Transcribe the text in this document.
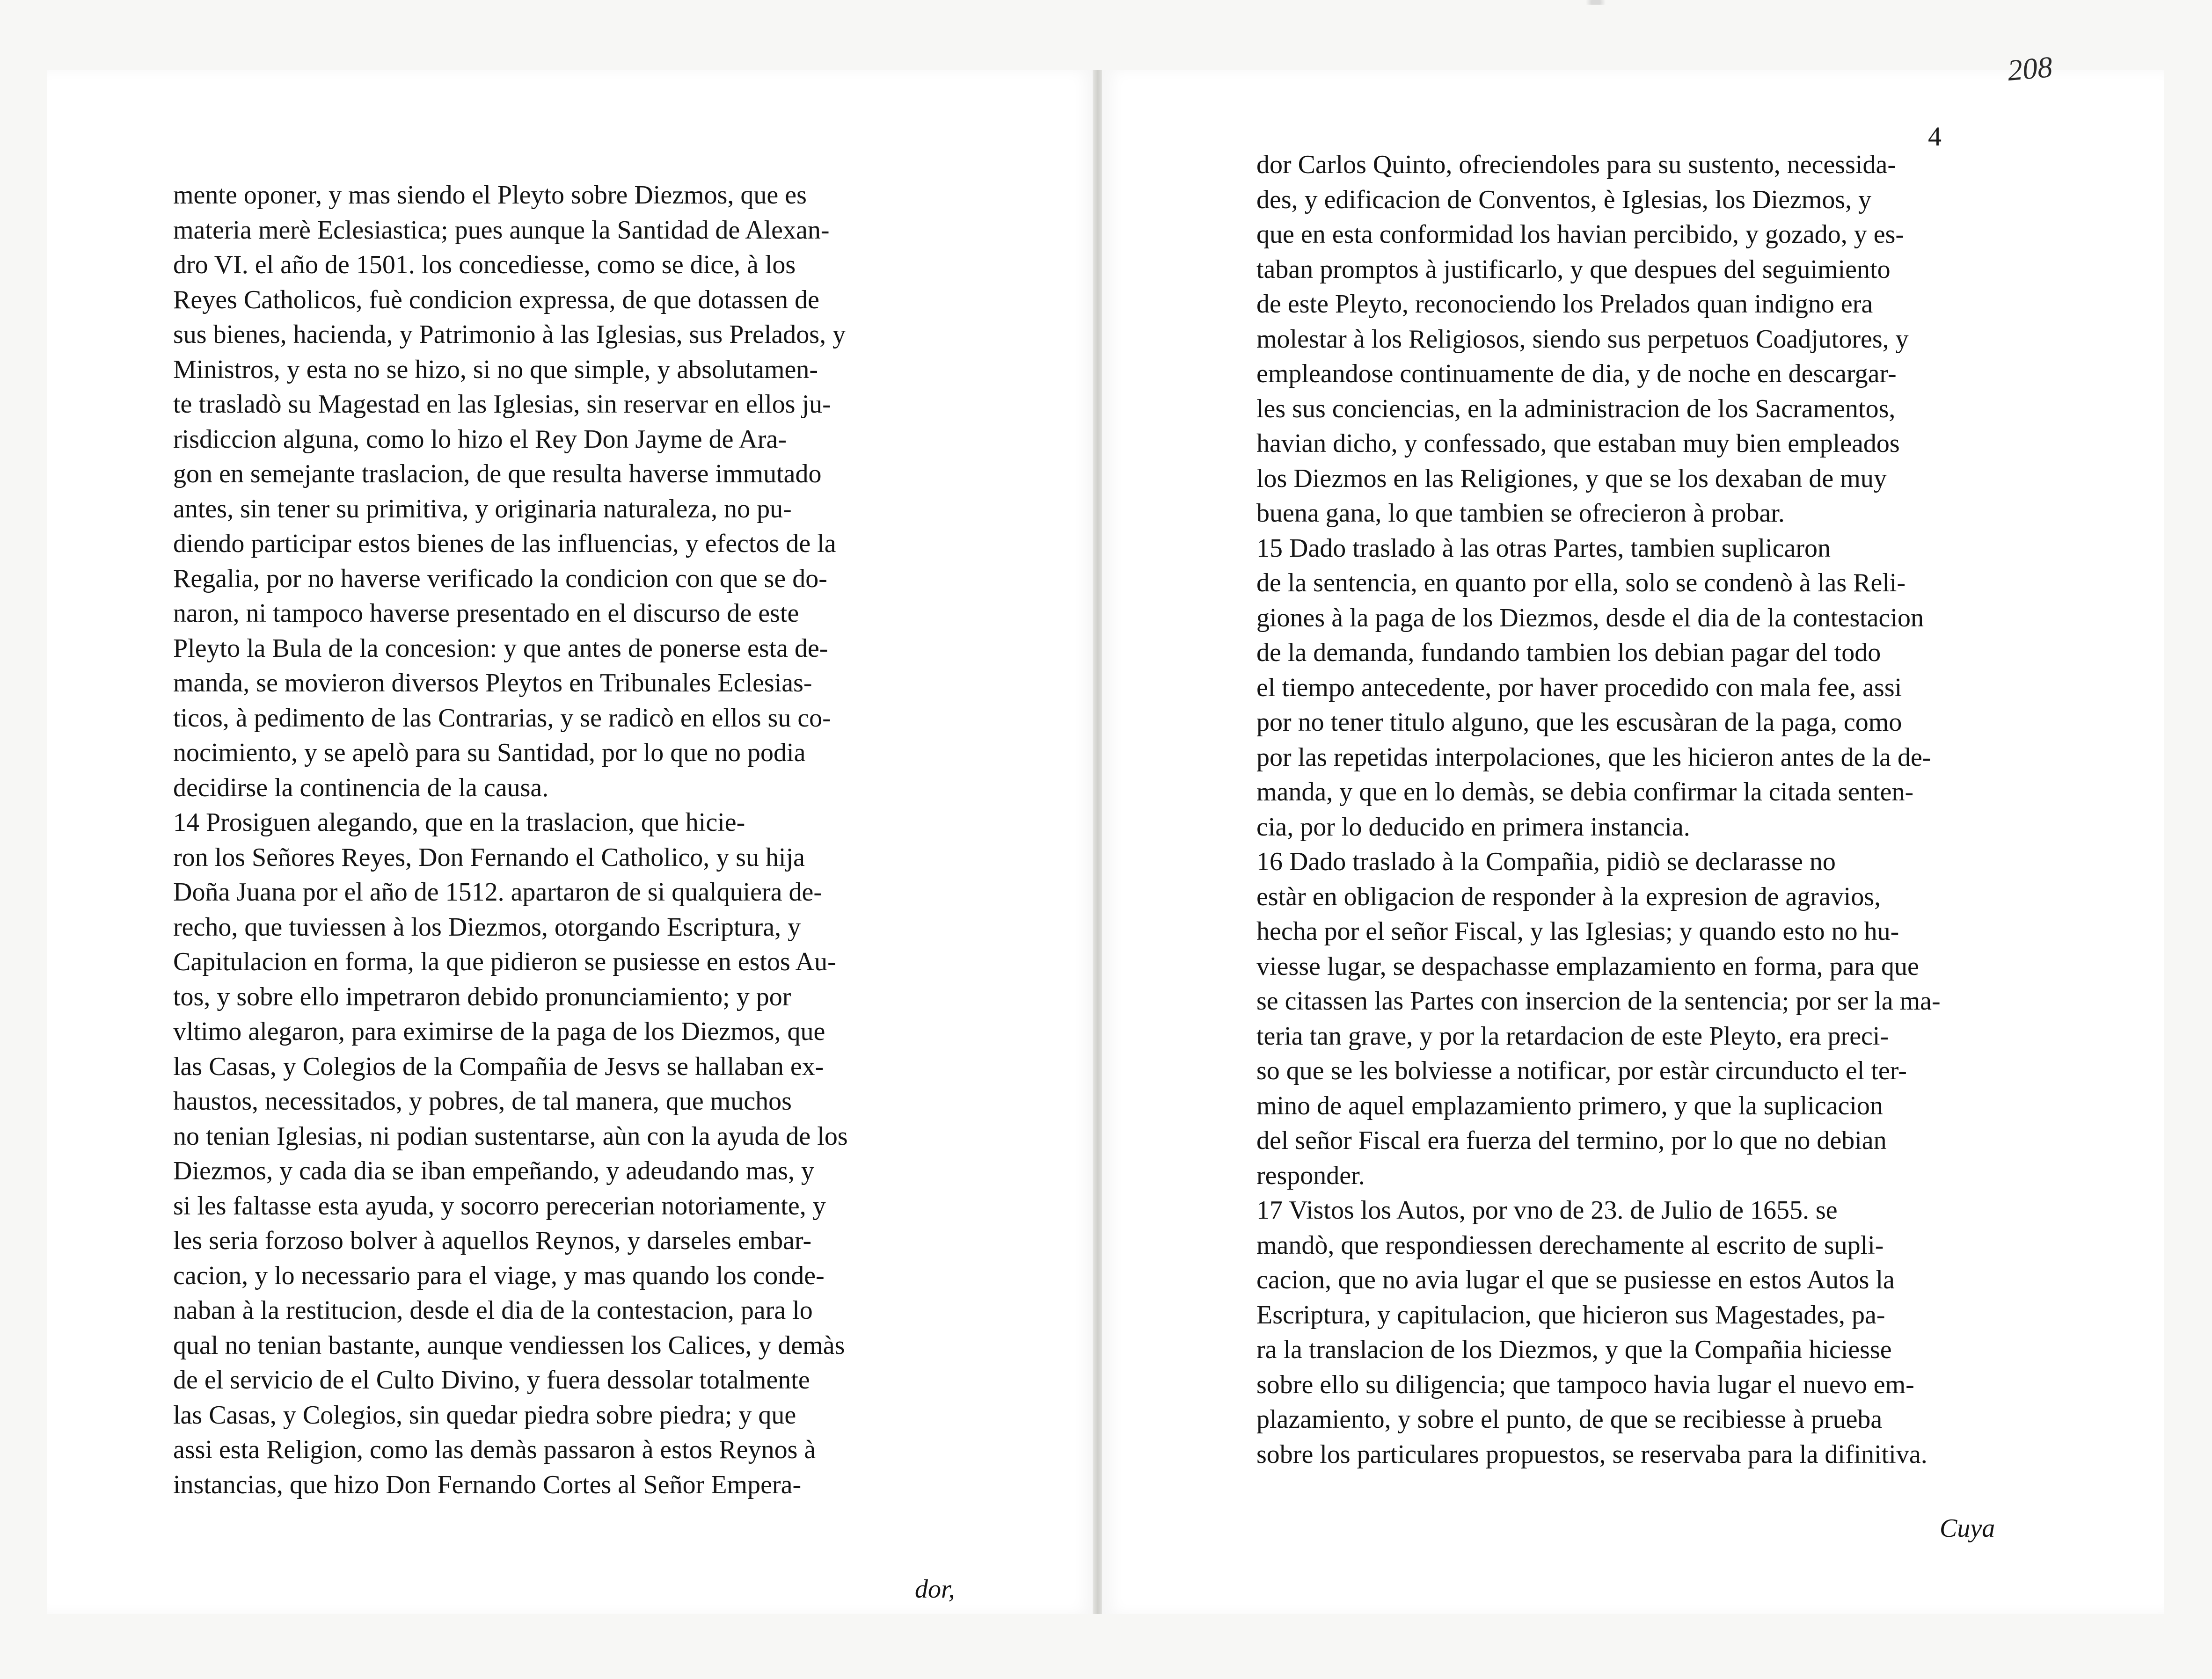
mente oponer, y mas siendo el Pleyto sobre Diezmos, que es
materia merè Eclesiastica; pues aunque la Santidad de Alexan-
dro VI. el año de 1501. los concediesse, como se dice, à los
Reyes Catholicos, fuè condicion expressa, de que dotassen de
sus bienes, hacienda, y Patrimonio à las Iglesias, sus Prelados, y
Ministros, y esta no se hizo, si no que simple, y absolutamen-
te trasladò su Magestad en las Iglesias, sin reservar en ellos ju-
risdiccion alguna, como lo hizo el Rey Don Jayme de Ara-
gon en semejante traslacion, de que resulta haverse immutado
antes, sin tener su primitiva, y originaria naturaleza, no pu-
diendo participar estos bienes de las influencias, y efectos de la
Regalia, por no haverse verificado la condicion con que se do-
naron, ni tampoco haverse presentado en el discurso de este
Pleyto la Bula de la concesion: y que antes de ponerse esta de-
manda, se movieron diversos Pleytos en Tribunales Eclesias-
ticos, à pedimento de las Contrarias, y se radicò en ellos su co-
nocimiento, y se apelò para su Santidad, por lo que no podia
decidirse la continencia de la causa.
14 Prosiguen alegando, que en la traslacion, que hicie-
ron los Señores Reyes, Don Fernando el Catholico, y su hija
Doña Juana por el año de 1512. apartaron de si qualquiera de-
recho, que tuviessen à los Diezmos, otorgando Escriptura, y
Capitulacion en forma, la que pidieron se pusiesse en estos Au-
tos, y sobre ello impetraron debido pronunciamiento; y por
vltimo alegaron, para eximirse de la paga de los Diezmos, que
las Casas, y Colegios de la Compañia de Jesvs se hallaban ex-
haustos, necessitados, y pobres, de tal manera, que muchos
no tenian Iglesias, ni podian sustentarse, aùn con la ayuda de los
Diezmos, y cada dia se iban empeñando, y adeudando mas, y
si les faltasse esta ayuda, y socorro perecerian notoriamente, y
les seria forzoso bolver à aquellos Reynos, y darseles embar-
cacion, y lo necessario para el viage, y mas quando los conde-
naban à la restitucion, desde el dia de la contestacion, para lo
qual no tenian bastante, aunque vendiessen los Calices, y demàs
de el servicio de el Culto Divino, y fuera dessolar totalmente
las Casas, y Colegios, sin quedar piedra sobre piedra; y que
assi esta Religion, como las demàs passaron à estos Reynos à
instancias, que hizo Don Fernando Cortes al Señor Empera-
dor,
dor Carlos Quinto, ofreciendoles para su sustento, necessida-
des, y edificacion de Conventos, è Iglesias, los Diezmos, y
que en esta conformidad los havian percibido, y gozado, y es-
taban promptos à justificarlo, y que despues del seguimiento
de este Pleyto, reconociendo los Prelados quan indigno era
molestar à los Religiosos, siendo sus perpetuos Coadjutores, y
empleandose continuamente de dia, y de noche en descargar-
les sus conciencias, en la administracion de los Sacramentos,
havian dicho, y confessado, que estaban muy bien empleados
los Diezmos en las Religiones, y que se los dexaban de muy
buena gana, lo que tambien se ofrecieron à probar.
15 Dado traslado à las otras Partes, tambien suplicaron
de la sentencia, en quanto por ella, solo se condenò à las Reli-
giones à la paga de los Diezmos, desde el dia de la contestacion
de la demanda, fundando tambien los debian pagar del todo
el tiempo antecedente, por haver procedido con mala fee, assi
por no tener titulo alguno, que les escusàran de la paga, como
por las repetidas interpolaciones, que les hicieron antes de la de-
manda, y que en lo demàs, se debia confirmar la citada senten-
cia, por lo deducido en primera instancia.
16 Dado traslado à la Compañia, pidiò se declarasse no
estàr en obligacion de responder à la expresion de agravios,
hecha por el señor Fiscal, y las Iglesias; y quando esto no hu-
viesse lugar, se despachasse emplazamiento en forma, para que
se citassen las Partes con insercion de la sentencia; por ser la ma-
teria tan grave, y por la retardacion de este Pleyto, era preci-
so que se les bolviesse a notificar, por estàr circunducto el ter-
mino de aquel emplazamiento primero, y que la suplicacion
del señor Fiscal era fuerza del termino, por lo que no debian
responder.
17 Vistos los Autos, por vno de 23. de Julio de 1655. se
mandò, que respondiessen derechamente al escrito de supli-
cacion, que no avia lugar el que se pusiesse en estos Autos la
Escriptura, y capitulacion, que hicieron sus Magestades, pa-
ra la translacion de los Diezmos, y que la Compañia hiciesse
sobre ello su diligencia; que tampoco havia lugar el nuevo em-
plazamiento, y sobre el punto, de que se recibiesse à prueba
sobre los particulares propuestos, se reservaba para la difinitiva.
Cuya
208
4
